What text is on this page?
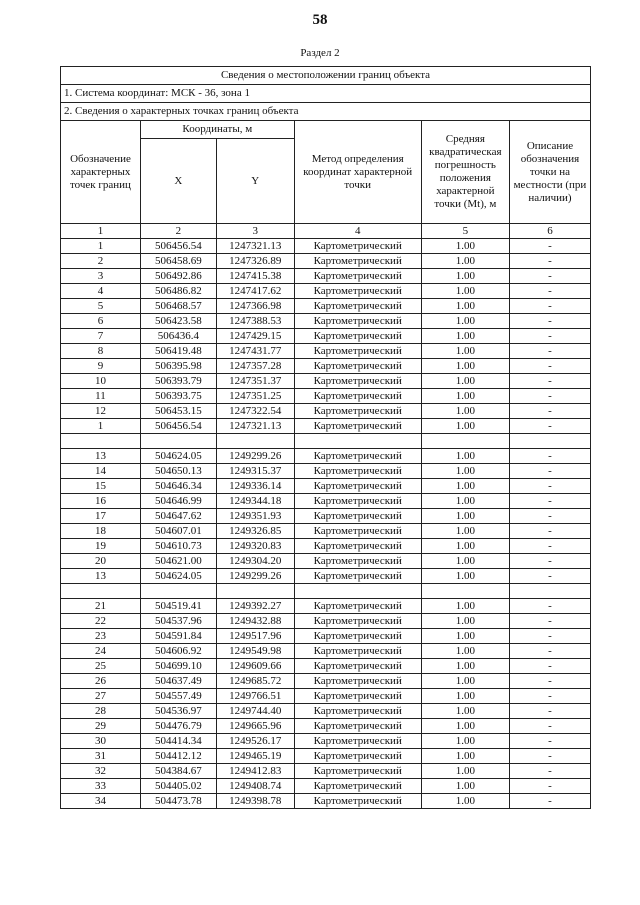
58
Раздел 2
Сведения о местоположении границ объекта					
1. Система координат: МСК - 36, зона 1					
2. Сведения о характерных точках границ объекта					
Обозначение характерных точек границ	Координаты, м		Метод определения координат характерной точки	Средняя квадратическая погрешность положения характерной точки (Mt), м	Описание обозначения точки на местности (при наличии)
	X	Y			
1	2	3	4	5	6
1	506456.54	1247321.13	Картометрический	1.00	-
2	506458.69	1247326.89	Картометрический	1.00	-
3	506492.86	1247415.38	Картометрический	1.00	-
4	506486.82	1247417.62	Картометрический	1.00	-
5	506468.57	1247366.98	Картометрический	1.00	-
6	506423.58	1247388.53	Картометрический	1.00	-
7	506436.4	1247429.15	Картометрический	1.00	-
8	506419.48	1247431.77	Картометрический	1.00	-
9	506395.98	1247357.28	Картометрический	1.00	-
10	506393.79	1247351.37	Картометрический	1.00	-
11	506393.75	1247351.25	Картометрический	1.00	-
12	506453.15	1247322.54	Картометрический	1.00	-
1	506456.54	1247321.13	Картометрический	1.00	-

13	504624.05	1249299.26	Картометрический	1.00	-
14	504650.13	1249315.37	Картометрический	1.00	-
15	504646.34	1249336.14	Картометрический	1.00	-
16	504646.99	1249344.18	Картометрический	1.00	-
17	504647.62	1249351.93	Картометрический	1.00	-
18	504607.01	1249326.85	Картометрический	1.00	-
19	504610.73	1249320.83	Картометрический	1.00	-
20	504621.00	1249304.20	Картометрический	1.00	-
13	504624.05	1249299.26	Картометрический	1.00	-

21	504519.41	1249392.27	Картометрический	1.00	-
22	504537.96	1249432.88	Картометрический	1.00	-
23	504591.84	1249517.96	Картометрический	1.00	-
24	504606.92	1249549.98	Картометрический	1.00	-
25	504699.10	1249609.66	Картометрический	1.00	-
26	504637.49	1249685.72	Картометрический	1.00	-
27	504557.49	1249766.51	Картометрический	1.00	-
28	504536.97	1249744.40	Картометрический	1.00	-
29	504476.79	1249665.96	Картометрический	1.00	-
30	504414.34	1249526.17	Картометрический	1.00	-
31	504412.12	1249465.19	Картометрический	1.00	-
32	504384.67	1249412.83	Картометрический	1.00	-
33	504405.02	1249408.74	Картометрический	1.00	-
34	504473.78	1249398.78	Картометрический	1.00	-
